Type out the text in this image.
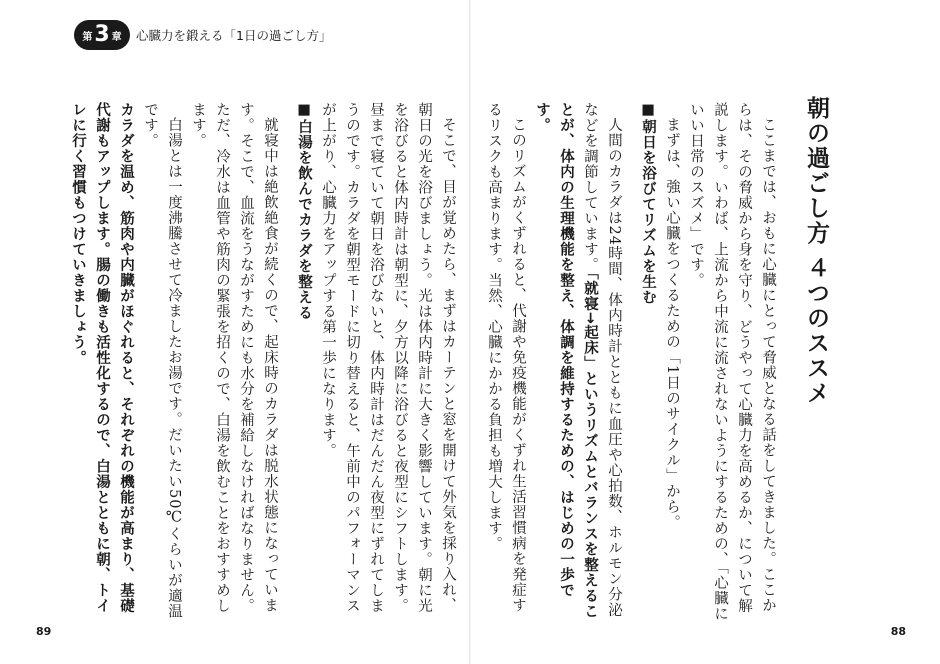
第 3 章 心臓力を鍛える「1日の過ごし方」
朝の過ごし方 ４つのススメ

ここまでは、おもに心臓にとって脅威となる話をしてきました。ここからは、その脅威から身を守り、どうやって心臓力を高めるか、について解説します。いわば、上流から中流に流されないようにするための、「心臓にいい日常のスズメ」です。

まずは、強い心臓をつくるための「1日のサイクル」から。

■朝日を浴びてリズムを生む

人間のカラダは24時間、体内時計とともに血圧や心拍数、ホルモン分泌などを調節しています。「就寝→起床」というリズムとバランスを整えることが、体内の生理機能を整え、体調を維持するための、はじめの一歩です。

このリズムがくずれると、代謝や免疫機能がくずれ生活習慣病を発症するリスクも高まります。当然、心臓にかかる負担も増大します。

そこで、目が覚めたら、まずはカーテンと窓を開けて外気を採り入れ、朝日の光を浴びましょう。光は体内時計に大きく影響しています。朝に光を浴びると体内時計は朝型に、夕方以降に浴びると夜型にシフトします。昼まで寝ていて朝日を浴びないと、体内時計はだんだん夜型にずれてしまうのです。カラダを朝型モードに切り替えると、午前中のパフォーマンスが上がり、心臓力をアップする第一歩になります。

■白湯を飲んでカラダを整える

就寝中は絶飲絶食が続くので、起床時のカラダは脱水状態になっています。そこで、血流をうながすためにも水分を補給しなければなりません。ただ、冷水は血管や筋肉の緊張を招くので、白湯を飲むことをおすすめします。

白湯とは一度沸騰させて冷ましたお湯です。だいたい50℃くらいが適温です。

カラダを温め、筋肉や内臓がほぐれると、それぞれの機能が高まり、基礎代謝もアップします。腸の働きも活性化するので、白湯とともに朝、トイレに行く習慣もつけていきましょう。

89	88
